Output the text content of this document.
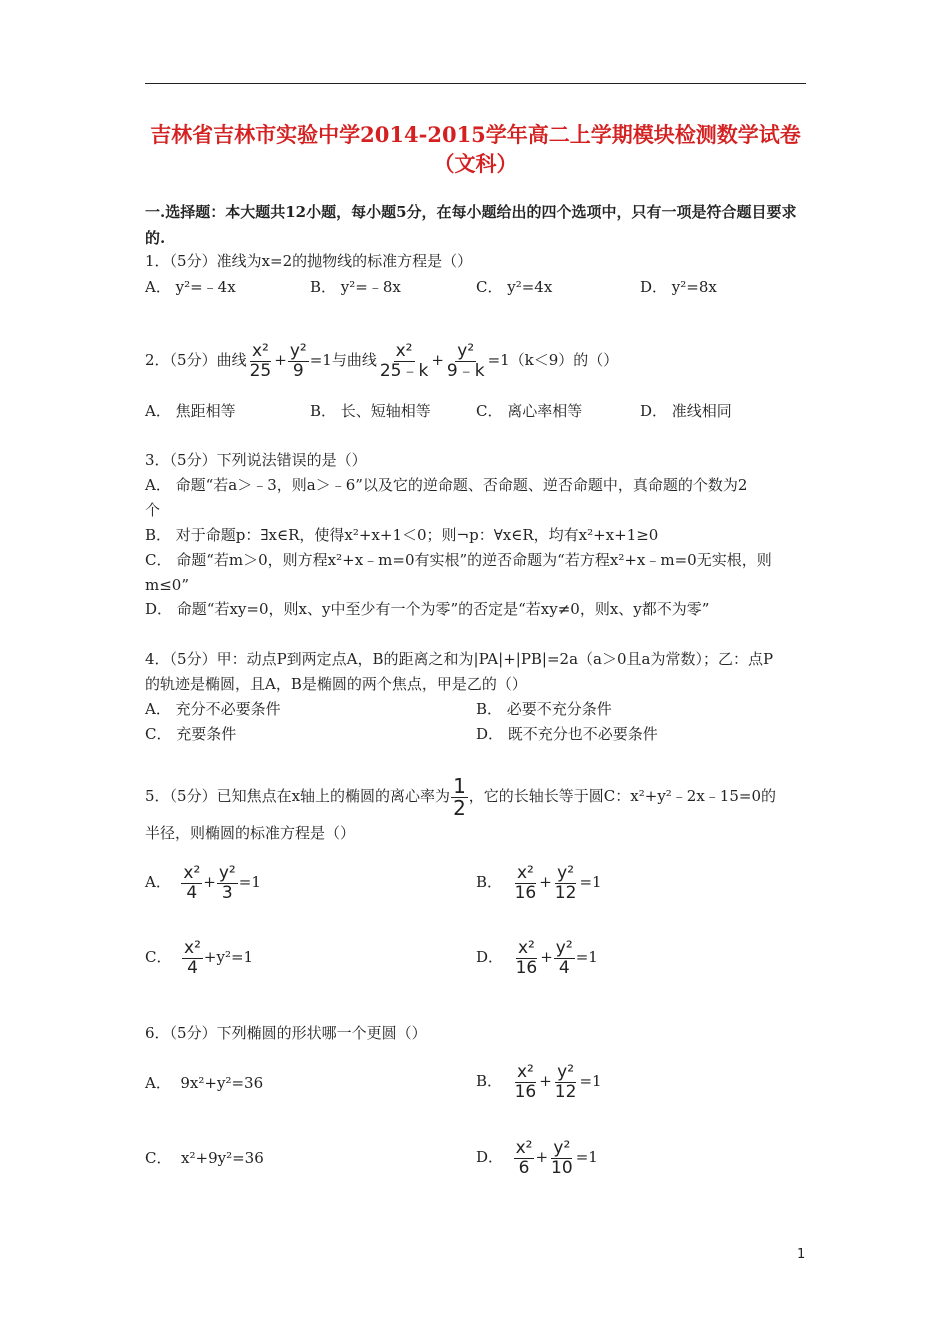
吉林省吉林市实验中学2014-2015学年高二上学期模块检测数学试卷（文科）
一.选择题：本大题共12小题，每小题5分，在每小题给出的四个选项中，只有一项是符合题目要求的.
1．（5分）准线为x=2的抛物线的标准方程是（）
A． y²=﹣4x	B． y²=﹣8x	C． y²=4x	D． y²=8x
2．（5分）曲线 $\frac{\text{x²}}{25} + \frac{\text{y²}}{9} =1$与曲线 $\frac{\text{x²}}{25﹣k} + \frac{\text{y²}}{9﹣k} =1(k<9)$的（）
A． 焦距相等	B． 长、短轴相等	C． 离心率相等	D． 准线相同
3．（5分）下列说法错误的是（）
A． 命题“若a＞﹣3，则a＞﹣6”以及它的逆命题、否命题、逆否命题中，真命题的个数为2
个
B． 对于命题p：∃x∈R，使得x²+x+1＜0；则¬p：∀x∈R，均有x²+x+1≥0
C． 命题“若m＞0，则方程x²+x﹣m=0有实根”的逆否命题为“若方程x²+x﹣m=0无实根，则
m≤0”
D． 命题“若xy=0，则x、y中至少有一个为零”的否定是“若xy≠0，则x、y都不为零”
4．（5分）甲：动点P到两定点A，B的距离之和为|PA|+|PB|=2a（a＞0且a为常数）；乙：点P
的轨迹是椭圆，且A，B是椭圆的两个焦点，甲是乙的（）
A． 充分不必要条件	B． 必要不充分条件
C． 充要条件	D． 既不充分也不必要条件
5．（5分）已知焦点在x轴上的椭圆的离心率为 $\frac{1}{2}$ ，它的长轴长等于圆C：x²+y²﹣2x﹣15=0的
半径，则椭圆的标准方程是（）
A． $\frac{\text{x²}}{4} + \frac{\text{y²}}{3} =1$	B． $\frac{\text{x²}}{16} + \frac{\text{y²}}{12} =1$
C． $\frac{\text{x²}}{4} +y^2=1$	D． $\frac{\text{x²}}{16} + \frac{\text{y²}}{4} =1$
6．（5分）下列椭圆的形状哪一个更圆（）
A． 9x²+y²=36	B． $\frac{\text{x²}}{16} + \frac{\text{y²}}{12} =1$
C． x²+9y²=36	D． $\frac{\text{x²}}{6} + \frac{\text{y²}}{10} =1$
1
